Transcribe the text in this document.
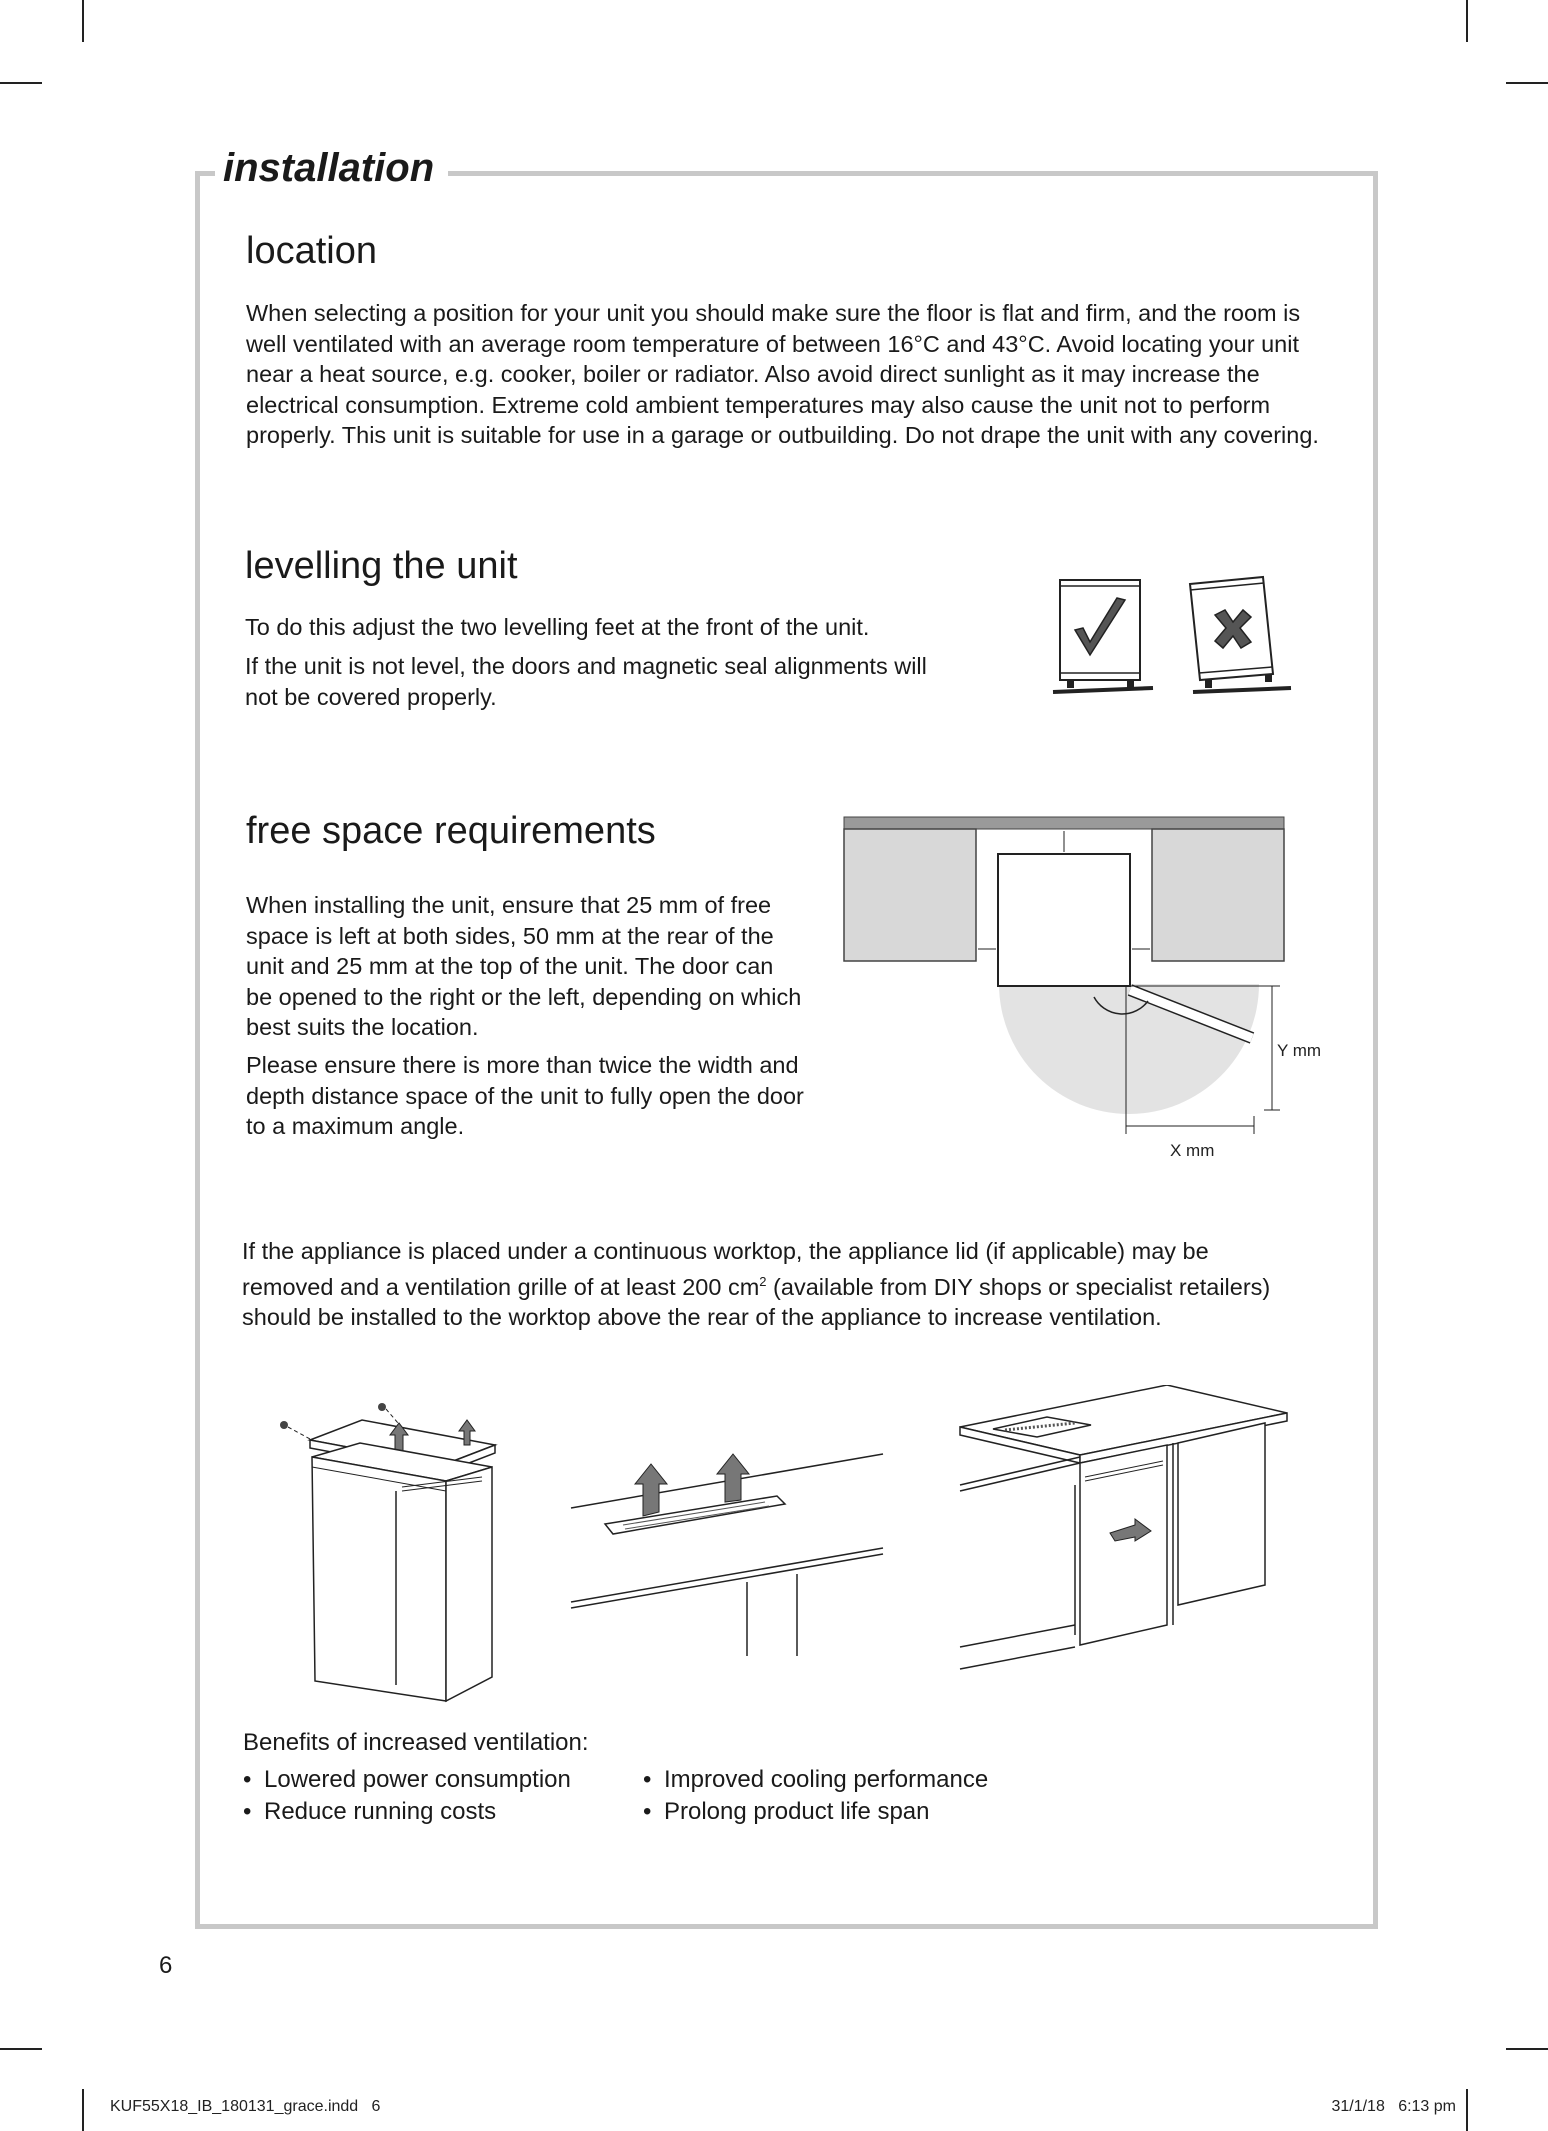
installation
location

When selecting a position for your unit you should make sure the floor is flat and firm, and the room is well ventilated with an average room temperature of between 16°C and 43°C. Avoid locating your unit near a heat source, e.g. cooker, boiler or radiator. Also avoid direct sunlight as it may increase the electrical consumption. Extreme cold ambient temperatures may also cause the unit not to perform properly. This unit is suitable for use in a garage or outbuilding. Do not drape the unit with any covering.

levelling the unit

To do this adjust the two levelling feet at the front of the unit.

If the unit is not level, the doors and magnetic seal alignments will not be covered properly.

free space requirements

When installing the unit, ensure that 25 mm of free space is left at both sides, 50 mm at the rear of the unit and 25 mm at the top of the unit. The door can be opened to the right or the left, depending on which best suits the location.

Please ensure there is more than twice the width and depth distance space of the unit to fully open the door to a maximum angle.

Y mm
X mm

If the appliance is placed under a continuous worktop, the appliance lid (if applicable) may be removed and a ventilation grille of at least 200 $cm^2$ (available from DIY shops or specialist retailers) should be installed to the worktop above the rear of the appliance to increase ventilation.

Benefits of increased ventilation:

• Lowered power consumption
• Reduce running costs
• Improved cooling performance
• Prolong product life span
6
KUF55X18_IB_180131_grace.indd   6	31/1/18   6:13 pm
